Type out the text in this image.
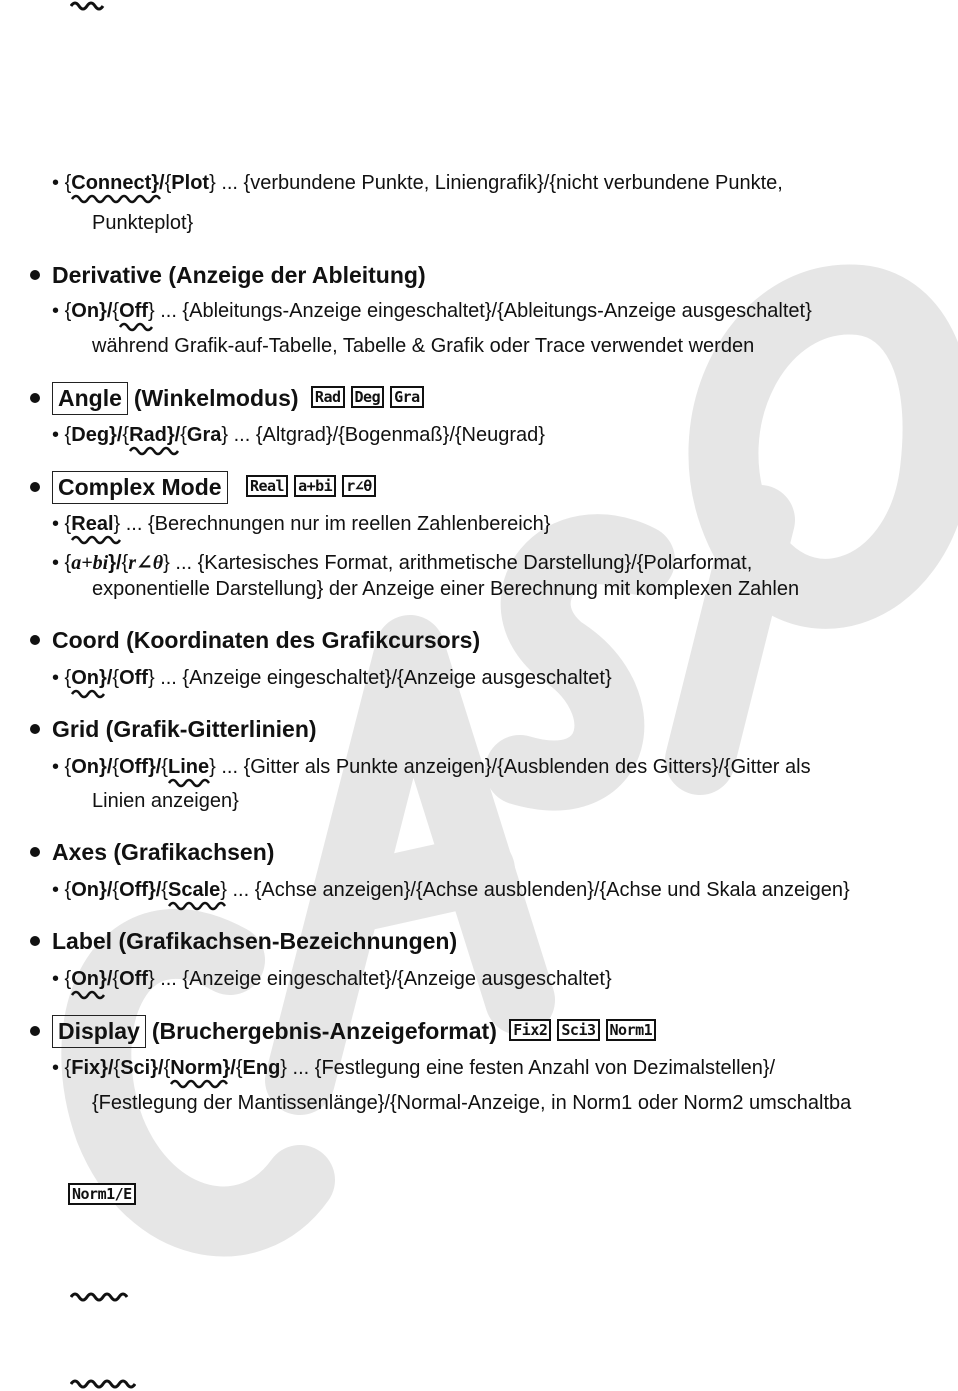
• {Connect
}/{Plot} ... {verbundene Punkte, Liniengrafik}/{nicht verbundene Punkte,
Punkteplot}
Derivative (Anzeige der Ableitung)
• {On}/{Off
} ... {Ableitungs-Anzeige eingeschaltet}/{Ableitungs-Anzeige ausgeschaltet}
während Grafik-auf-Tabelle, Tabelle & Grafik oder Trace verwendet werden
Angle (Winkelmodus) Rad Deg Gra
• {Deg}/{Rad
}/{Gra} ... {Altgrad}/{Bogenmaß}/{Neugrad}
Complex Mode Real a+bi r∠θ
• {Real
} ... {Berechnungen nur im reellen Zahlenbereich}
• {a+bi}/{r∠θ} ... {Kartesisches Format, arithmetische Darstellung}/{Polarformat,
exponentielle Darstellung} der Anzeige einer Berechnung mit komplexen Zahlen
Coord (Koordinaten des Grafikcursors)
• {On
}/{Off} ... {Anzeige eingeschaltet}/{Anzeige ausgeschaltet}
Grid (Grafik-Gitterlinien)
• {On}/{Off}/{Line
} ... {Gitter als Punkte anzeigen}/{Ausblenden des Gitters}/{Gitter als
Linien anzeigen}
Axes (Grafikachsen)
• {On}/{Off}/{Scale
} ... {Achse anzeigen}/{Achse ausblenden}/{Achse und Skala anzeigen}
Label (Grafikachsen-Bezeichnungen)
• {On
}/{Off} ... {Anzeige eingeschaltet}/{Anzeige ausgeschaltet}
Display (Bruchergebnis-Anzeigeformat) Fix2 Sci3 Norm1
• {Fix}/{Sci}/{Norm
}/{Eng} ... {Festlegung eine festen Anzahl von Dezimalstellen}/
{Festlegung der Mantissenlänge}/{Normal-Anzeige, in Norm1 oder Norm2 umschaltba
Norm1/E
